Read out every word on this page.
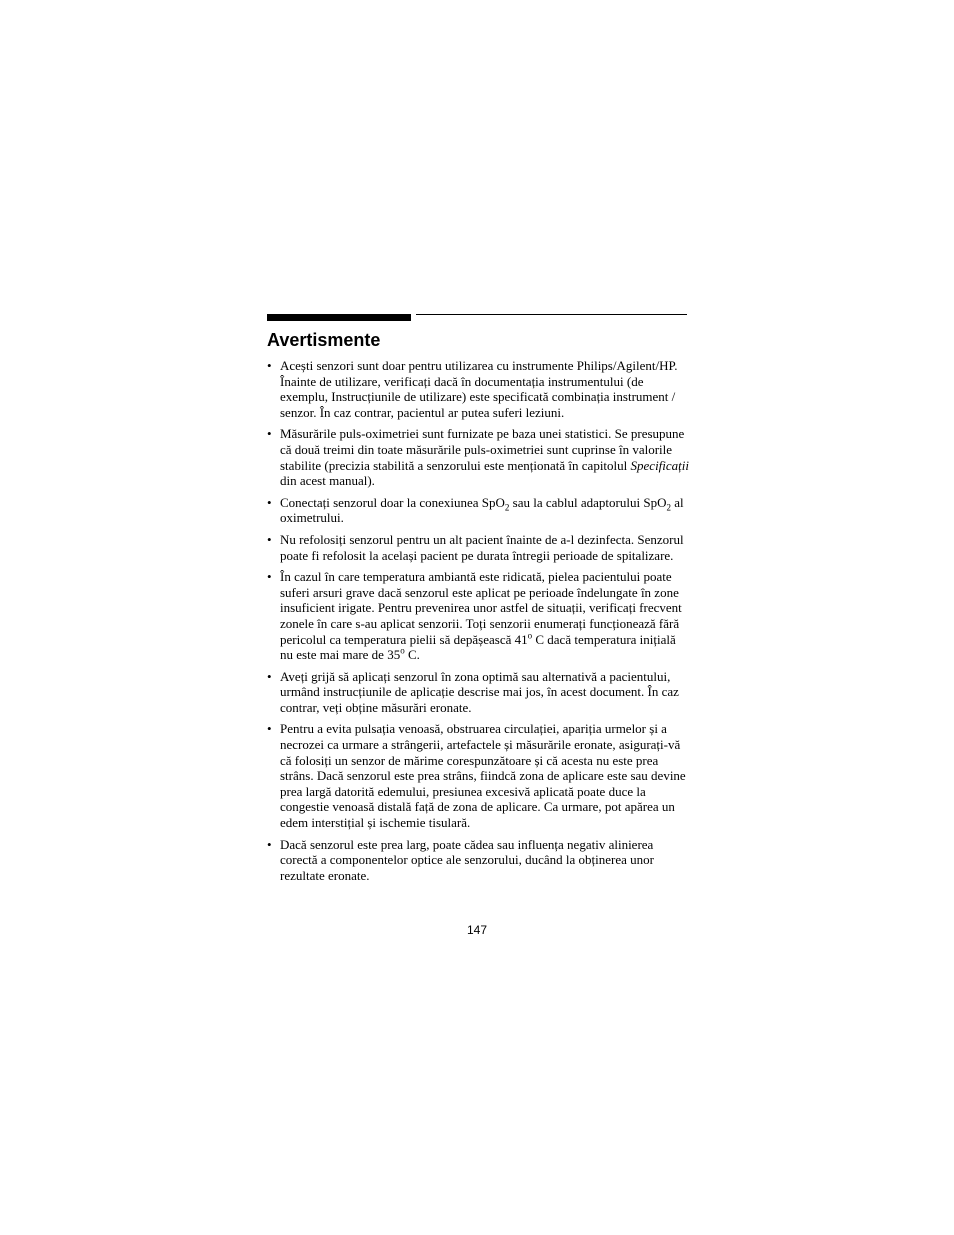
Avertismente
• Acești senzori sunt doar pentru utilizarea cu instrumente Philips/Agilent/HP. Înainte de utilizare, verificați dacă în documentația instrumentului (de exemplu, Instrucțiunile de utilizare) este specificată combinația instrument / senzor. În caz contrar, pacientul ar putea suferi leziuni.
• Măsurările puls-oximetriei sunt furnizate pe baza unei statistici. Se presupune că două treimi din toate măsurările puls-oximetriei sunt cuprinse în valorile stabilite (precizia stabilită a senzorului este menționată în capitolul Specificații din acest manual).
• Conectați senzorul doar la conexiunea SpO$_2$ sau la cablul adaptorului SpO$_2$ al oximetrului.
• Nu refolosiți senzorul pentru un alt pacient înainte de a-l dezinfecta. Senzorul poate fi refolosit la același pacient pe durata întregii perioade de spitalizare.
• În cazul în care temperatura ambiantă este ridicată, pielea pacientului poate suferi arsuri grave dacă senzorul este aplicat pe perioade îndelungate în zone insuficient irigate. Pentru prevenirea unor astfel de situații, verificați frecvent zonele în care s-au aplicat senzorii. Toți senzorii enumerați funcționează fără pericolul ca temperatura pielii să depășească 41$^o$ C dacă temperatura inițială nu este mai mare de 35$^o$ C.
• Aveți grijă să aplicați senzorul în zona optimă sau alternativă a pacientului, urmând instrucțiunile de aplicație descrise mai jos, în acest document. În caz contrar, veți obține măsurări eronate.
• Pentru a evita pulsația venoasă, obstruarea circulației, apariția urmelor și a necrozei ca urmare a strângerii, artefactele și măsurările eronate, asigurați-vă că folosiți un senzor de mărime corespunzătoare și că acesta nu este prea strâns. Dacă senzorul este prea strâns, fiindcă zona de aplicare este sau devine prea largă datorită edemului, presiunea excesivă aplicată poate duce la congestie venoasă distală față de zona de aplicare. Ca urmare, pot apărea un edem interstițial și ischemie tisulară.
• Dacă senzorul este prea larg, poate cădea sau influența negativ alinierea corectă a componentelor optice ale senzorului, ducând la obținerea unor rezultate eronate.
147
